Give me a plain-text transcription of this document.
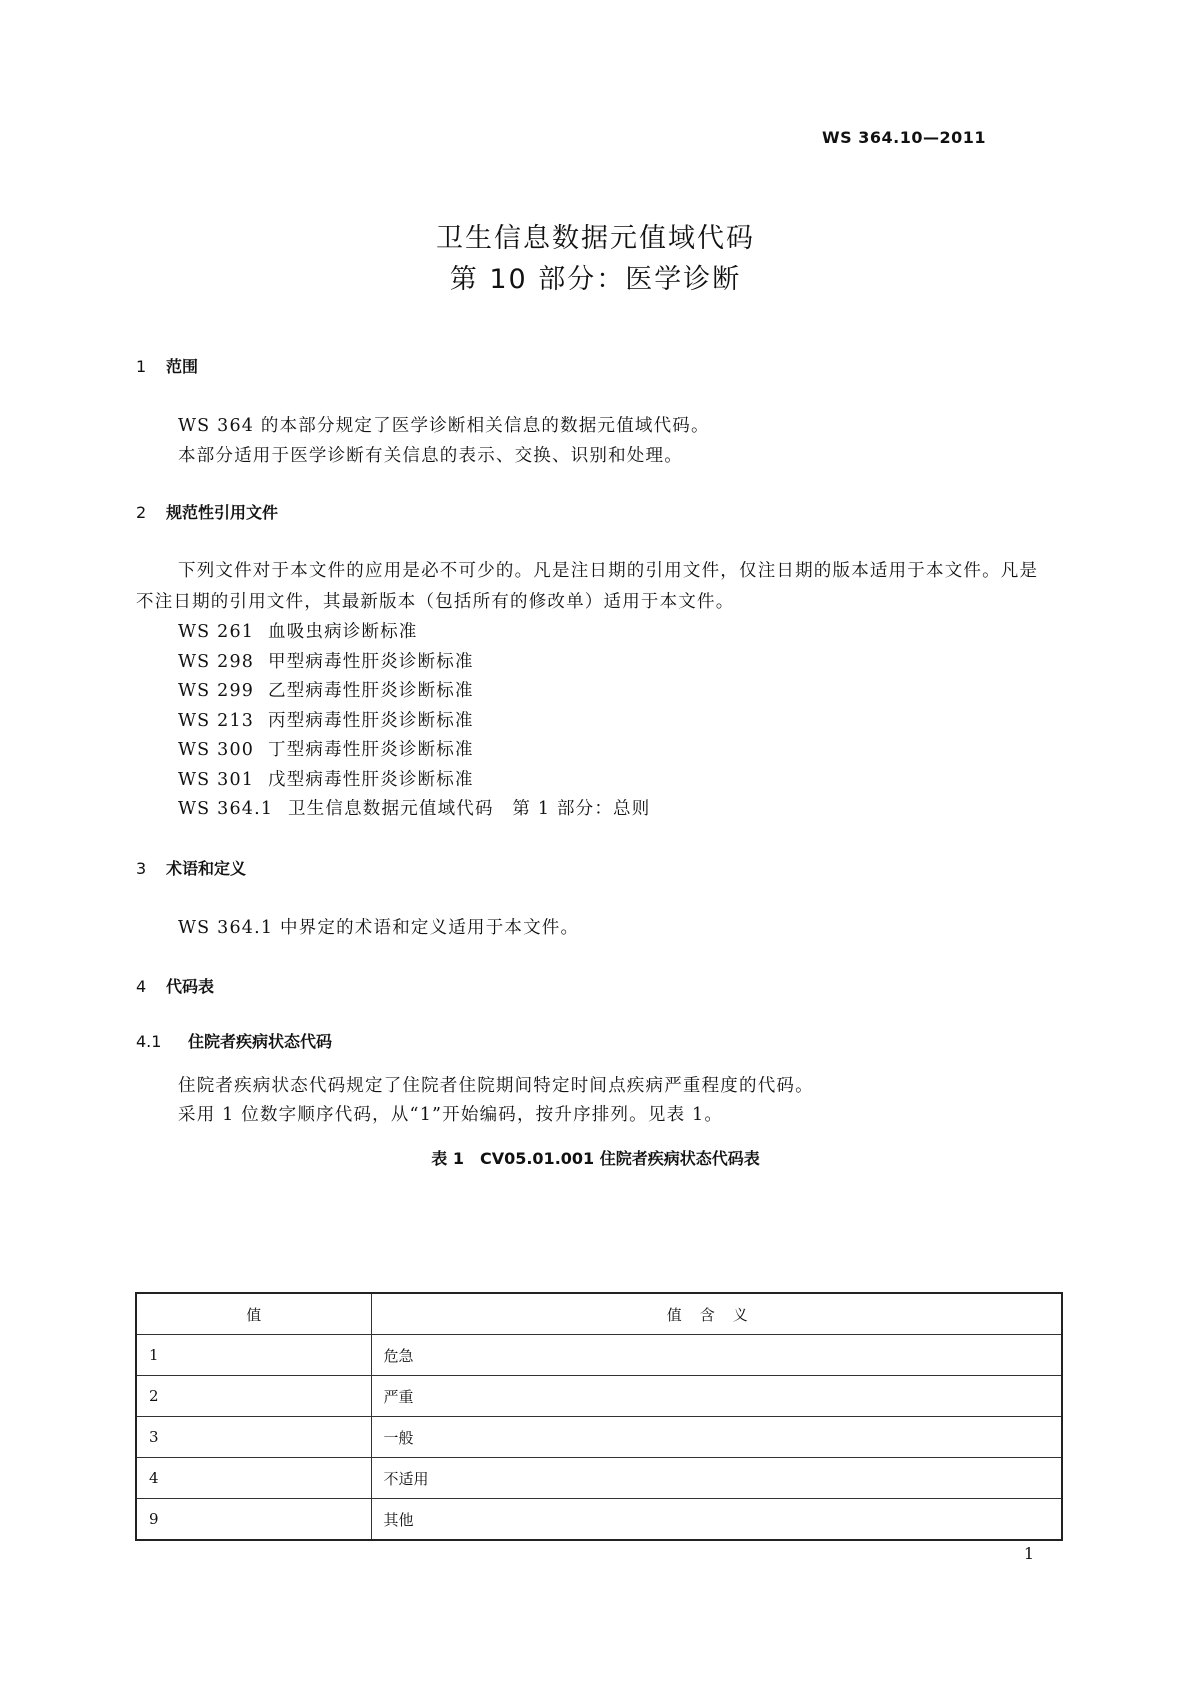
WS 364.10—2011
卫生信息数据元值域代码
第 10 部分：医学诊断
1 范围
WS 364 的本部分规定了医学诊断相关信息的数据元值域代码。
本部分适用于医学诊断有关信息的表示、交换、识别和处理。
2 规范性引用文件
下列文件对于本文件的应用是必不可少的。凡是注日期的引用文件，仅注日期的版本适用于本文件。凡是不注日期的引用文件，其最新版本（包括所有的修改单）适用于本文件。
WS 261 血吸虫病诊断标准
WS 298 甲型病毒性肝炎诊断标准
WS 299 乙型病毒性肝炎诊断标准
WS 213 丙型病毒性肝炎诊断标准
WS 300 丁型病毒性肝炎诊断标准
WS 301 戊型病毒性肝炎诊断标准
WS 364.1 卫生信息数据元值域代码　第 1 部分：总则
3 术语和定义
WS 364.1 中界定的术语和定义适用于本文件。
4 代码表
4.1 住院者疾病状态代码
住院者疾病状态代码规定了住院者住院期间特定时间点疾病严重程度的代码。
采用 1 位数字顺序代码，从“1”开始编码，按升序排列。见表 1。
表 1　CV05.01.001 住院者疾病状态代码表
值	值含义
1	危急
2	严重
3	一般
4	不适用
9	其他
1
